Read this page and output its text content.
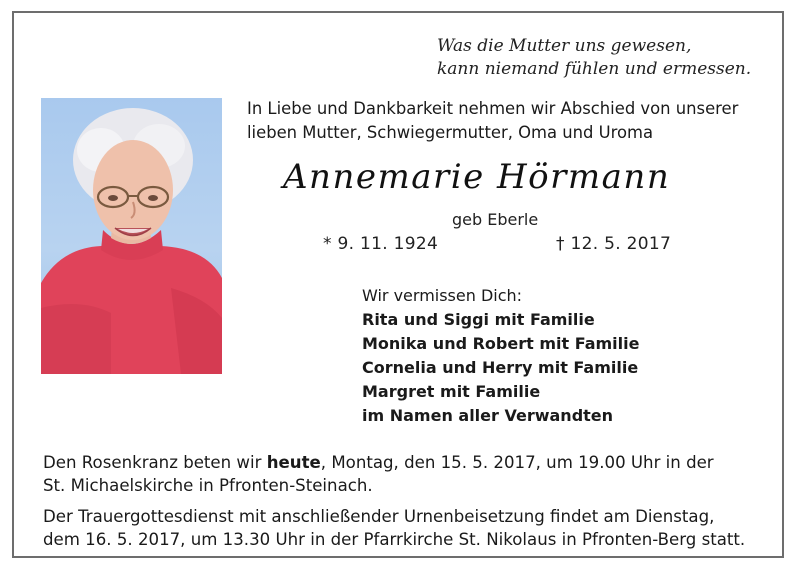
Was die Mutter uns gewesen,

kann niemand fühlen und ermessen.

In Liebe und Dankbarkeit nehmen wir Abschied von unserer

lieben Mutter, Schwiegermutter, Oma und Uroma

Annemarie Hörmann

geb Eberle

* 9. 11. 1924	† 12. 5. 2017

Wir vermissen Dich:
Rita und Siggi mit Familie
Monika und Robert mit Familie
Cornelia und Herry mit Familie
Margret mit Familie
im Namen aller Verwandten

Den Rosenkranz beten wir heute, Montag, den 15. 5. 2017, um 19.00 Uhr in der

St. Michaelskirche in Pfronten-Steinach.

Der Trauergottesdienst mit anschließender Urnenbeisetzung findet am Dienstag,

dem 16. 5. 2017, um 13.30 Uhr in der Pfarrkirche St. Nikolaus in Pfronten-Berg statt.
